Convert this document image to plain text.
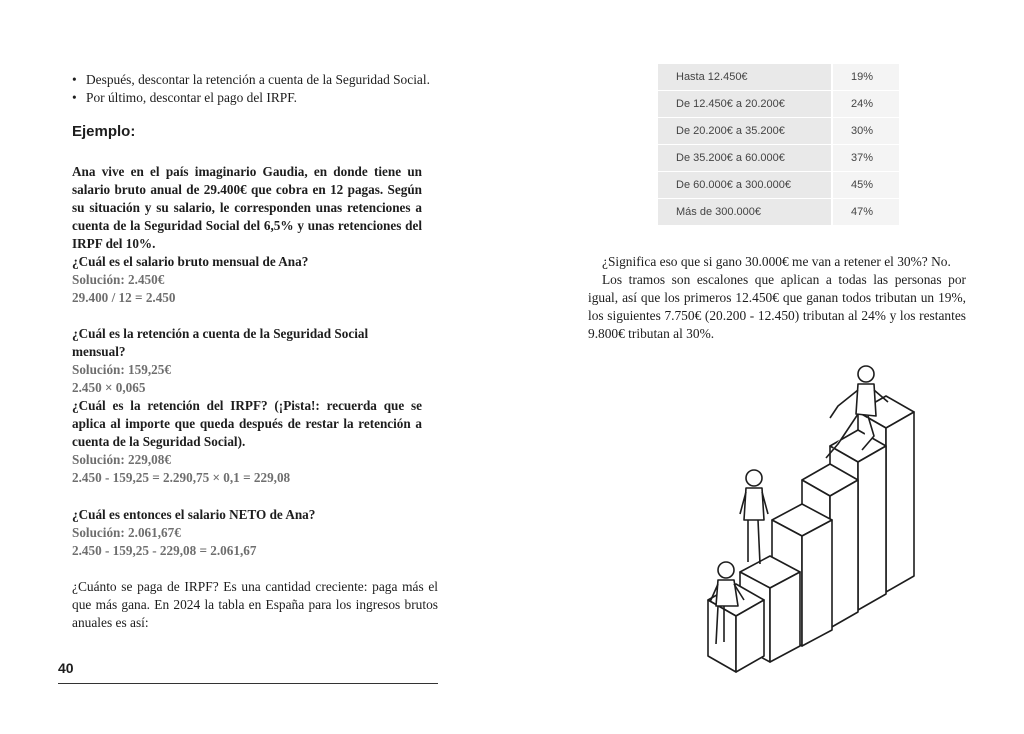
• Después, descontar la retención a cuenta de la Seguridad Social.
• Por último, descontar el pago del IRPF.
Ejemplo:

Ana vive en el país imaginario Gaudia, en donde tiene un salario bruto anual de 29.400€ que cobra en 12 pagas. Según su situación y su salario, le corresponden unas retenciones a cuenta de la Seguridad Social del 6,5% y unas retenciones del IRPF del 10%.

¿Cuál es el salario bruto mensual de Ana?

Solución: 2.450€

29.400 / 12 = 2.450

¿Cuál es la retención a cuenta de la Seguridad Social mensual?

Solución: 159,25€

2.450 × 0,065

¿Cuál es la retención del IRPF? (¡Pista!: recuerda que se aplica al importe que queda después de restar la retención a cuenta de la Seguridad Social).

Solución: 229,08€

2.450 - 159,25 = 2.290,75 × 0,1 = 229,08

¿Cuál es entonces el salario NETO de Ana?

Solución: 2.061,67€

2.450 - 159,25 - 229,08 = 2.061,67

¿Cuánto se paga de IRPF? Es una cantidad creciente: paga más el que más gana. En 2024 la tabla en España para los ingresos brutos anuales es así:

40
Hasta 12.450€	19%
De 12.450€ a 20.200€	24%
De 20.200€ a 35.200€	30%
De 35.200€ a 60.000€	37%
De 60.000€ a 300.000€	45%
Más de 300.000€	47%

¿Significa eso que si gano 30.000€ me van a retener el 30%? No.

Los tramos son escalones que aplican a todas las personas por igual, así que los primeros 12.450€ que ganan todos tributan un 19%, los siguientes 7.750€ (20.200 - 12.450) tributan al 24% y los restantes 9.800€ tributan al 30%.
